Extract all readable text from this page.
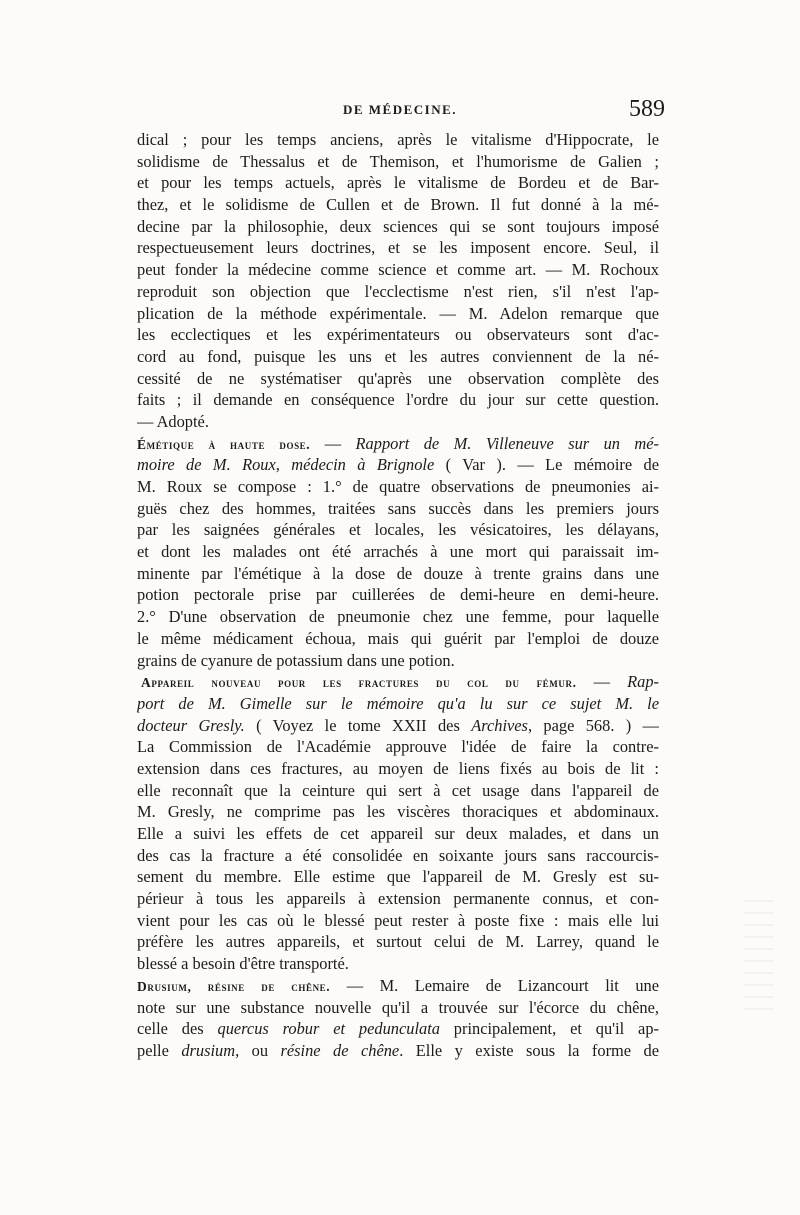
DE MÉDECINE.	589
dical ; pour les temps anciens, après le vitalisme d'Hippocrate, le
solidisme de Thessalus et de Themison, et l'humorisme de Galien ;
et pour les temps actuels, après le vitalisme de Bordeu et de Bar-
thez, et le solidisme de Cullen et de Brown. Il fut donné à la mé-
decine par la philosophie, deux sciences qui se sont toujours imposé
respectueusement leurs doctrines, et se les imposent encore. Seul, il
peut fonder la médecine comme science et comme art. — M. Rochoux
reproduit son objection que l'ecclectisme n'est rien, s'il n'est l'ap-
plication de la méthode expérimentale. — M. Adelon remarque que
les ecclectiques et les expérimentateurs ou observateurs sont d'ac-
cord au fond, puisque les uns et les autres conviennent de la né-
cessité de ne systématiser qu'après une observation complète des
faits ; il demande en conséquence l'ordre du jour sur cette question.
— Adopté.
Émétique à haute dose. — Rapport de M. Villeneuve sur un mé-
moire de M. Roux, médecin à Brignole ( Var ). — Le mémoire de
M. Roux se compose : 1.° de quatre observations de pneumonies ai-
guës chez des hommes, traitées sans succès dans les premiers jours
par les saignées générales et locales, les vésicatoires, les délayans,
et dont les malades ont été arrachés à une mort qui paraissait im-
minente par l'émétique à la dose de douze à trente grains dans une
potion pectorale prise par cuillerées de demi-heure en demi-heure.
2.° D'une observation de pneumonie chez une femme, pour laquelle
le même médicament échoua, mais qui guérit par l'emploi de douze
grains de cyanure de potassium dans une potion.
Appareil nouveau pour les fractures du col du fémur. — Rap-
port de M. Gimelle sur le mémoire qu'a lu sur ce sujet M. le
docteur Gresly. ( Voyez le tome XXII des Archives, page 568. ) —
La Commission de l'Académie approuve l'idée de faire la contre-
extension dans ces fractures, au moyen de liens fixés au bois de lit :
elle reconnaît que la ceinture qui sert à cet usage dans l'appareil de
M. Gresly, ne comprime pas les viscères thoraciques et abdominaux.
Elle a suivi les effets de cet appareil sur deux malades, et dans un
des cas la fracture a été consolidée en soixante jours sans raccourcis-
sement du membre. Elle estime que l'appareil de M. Gresly est su-
périeur à tous les appareils à extension permanente connus, et con-
vient pour les cas où le blessé peut rester à poste fixe : mais elle lui
préfère les autres appareils, et surtout celui de M. Larrey, quand le
blessé a besoin d'être transporté.
Drusium, résine de chêne. — M. Lemaire de Lizancourt lit une
note sur une substance nouvelle qu'il a trouvée sur l'écorce du chêne,
celle des quercus robur et pedunculata principalement, et qu'il ap-
pelle drusium, ou résine de chêne. Elle y existe sous la forme de
